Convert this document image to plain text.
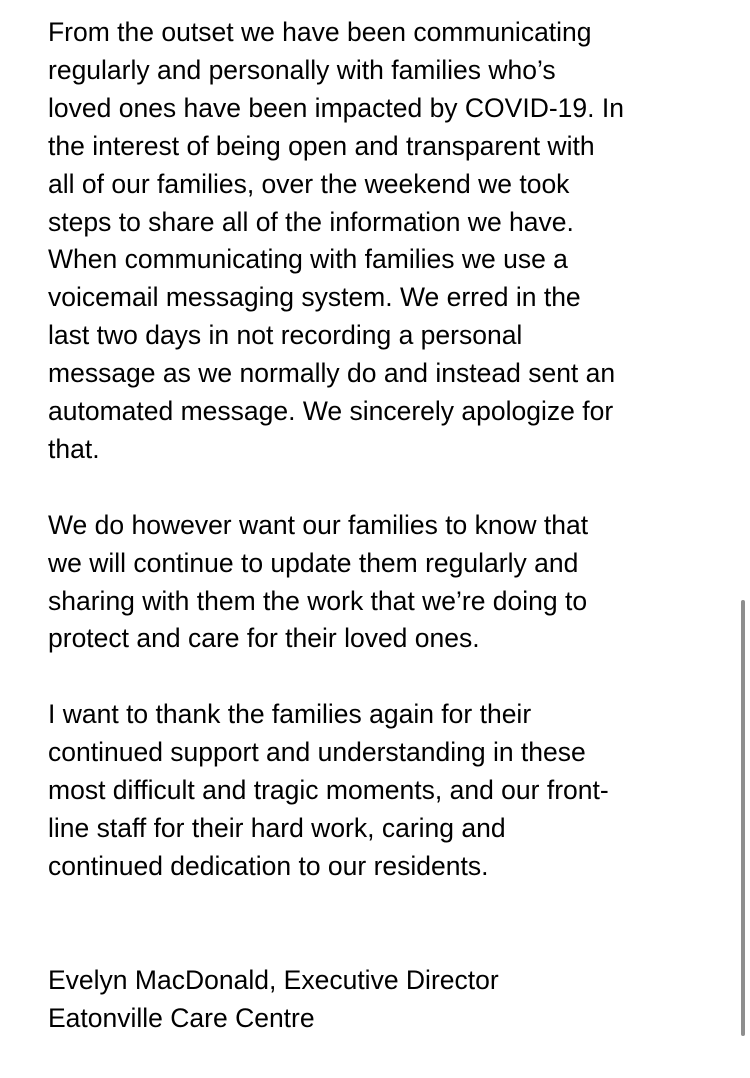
From the outset we have been communicating
regularly and personally with families who’s
loved ones have been impacted by COVID-19. In
the interest of being open and transparent with
all of our families, over the weekend we took
steps to share all of the information we have.
When communicating with families we use a
voicemail messaging system. We erred in the
last two days in not recording a personal
message as we normally do and instead sent an
automated message. We sincerely apologize for
that.

We do however want our families to know that
we will continue to update them regularly and
sharing with them the work that we’re doing to
protect and care for their loved ones.

I want to thank the families again for their
continued support and understanding in these
most difficult and tragic moments, and our front-
line staff for their hard work, caring and
continued dedication to our residents.

Evelyn MacDonald, Executive Director
Eatonville Care Centre
